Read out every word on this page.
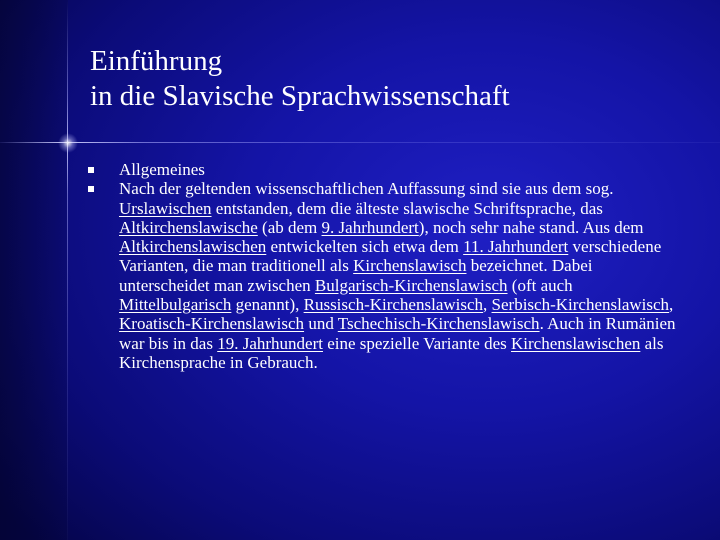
Einführung
in die Slavische Sprachwissenschaft
Allgemeines
Nach der geltenden wissenschaftlichen Auffassung sind sie aus dem sog. Urslawischen entstanden, dem die älteste slawische Schriftsprache, das Altkirchenslawische (ab dem 9. Jahrhundert), noch sehr nahe stand. Aus dem Altkirchenslawischen entwickelten sich etwa dem 11. Jahrhundert verschiedene Varianten, die man traditionell als Kirchenslawisch bezeichnet. Dabei unterscheidet man zwischen Bulgarisch-Kirchenslawisch (oft auch Mittelbulgarisch genannt), Russisch-Kirchenslawisch, Serbisch-Kirchenslawisch, Kroatisch-Kirchenslawisch und Tschechisch-Kirchenslawisch. Auch in Rumänien war bis in das 19. Jahrhundert eine spezielle Variante des Kirchenslawischen als Kirchensprache in Gebrauch.
